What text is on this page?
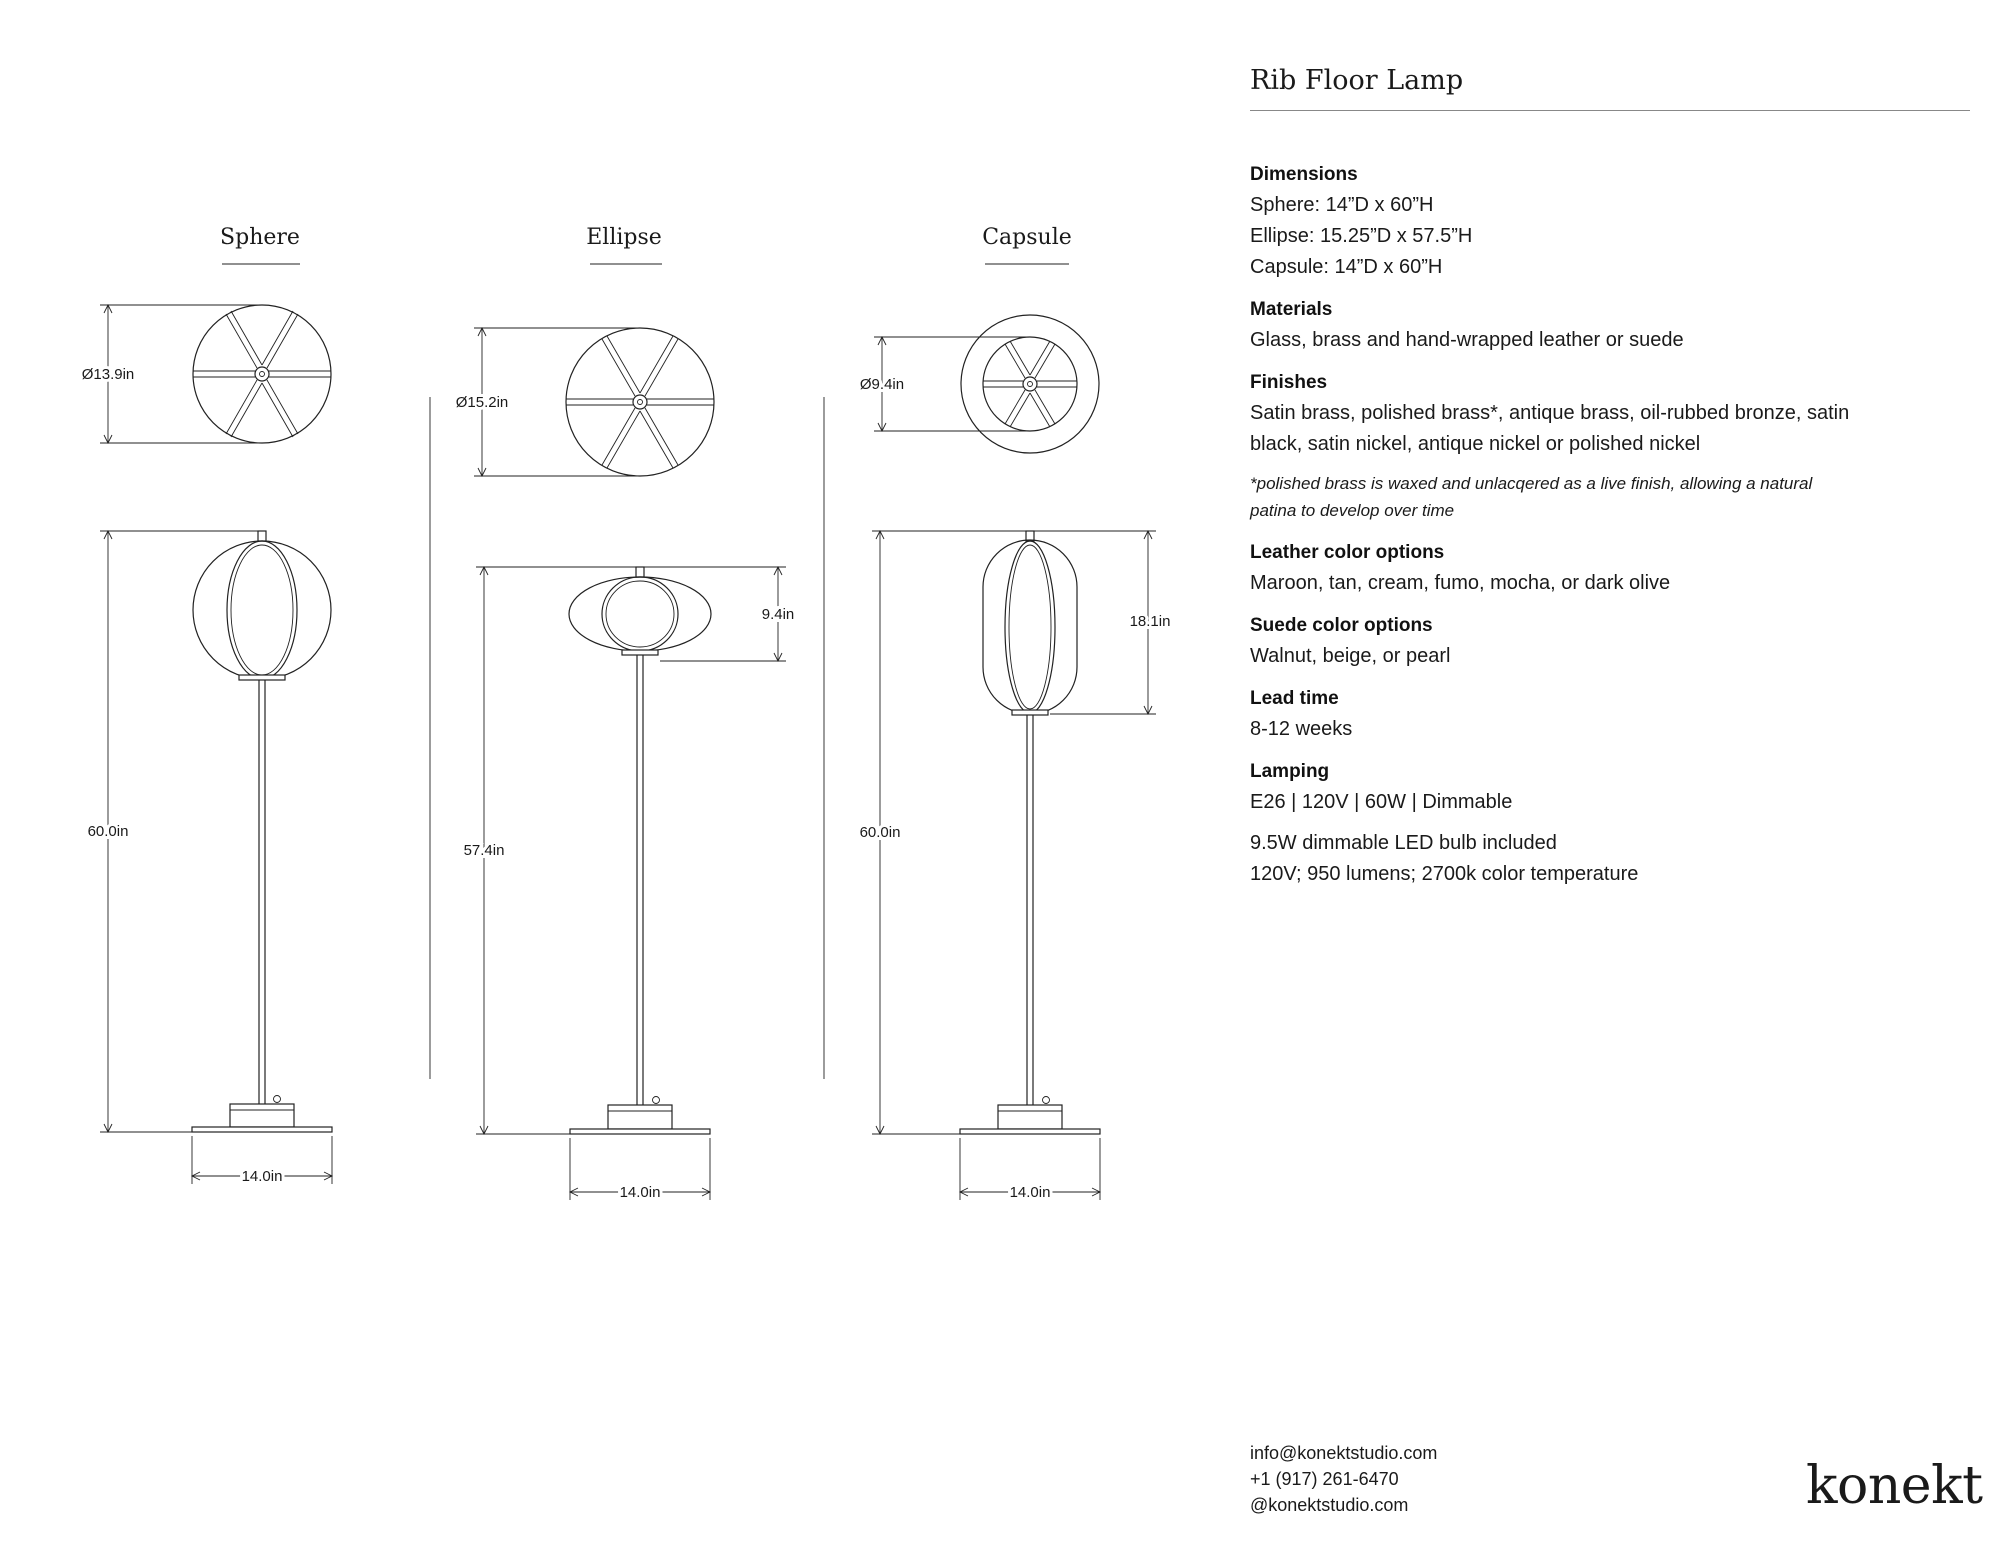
Sphere
Ø13.9in
60.0in
14.0in
Ellipse
Ø15.2in
9.4in
57.4in
14.0in
Capsule
Ø9.4in
18.1in
60.0in
14.0in
Rib Floor Lamp
Dimensions
Sphere: 14”D x 60”H
Ellipse: 15.25”D x 57.5”H
Capsule: 14”D x 60”H
Materials
Glass, brass and hand-wrapped leather or suede
Finishes
Satin brass, polished brass*, antique brass, oil-rubbed bronze, satin
black, satin nickel, antique nickel or polished nickel
*polished brass is waxed and unlacqered as a live finish, allowing a natural
patina to develop over time
Leather color options
Maroon, tan, cream, fumo, mocha, or dark olive
Suede color options
Walnut, beige, or pearl
Lead time
8-12 weeks
Lamping
E26 | 120V | 60W | Dimmable
9.5W dimmable LED bulb included
120V; 950 lumens; 2700k color temperature
info@konektstudio.com
+1 (917) 261-6470
@konektstudio.com	konekt
